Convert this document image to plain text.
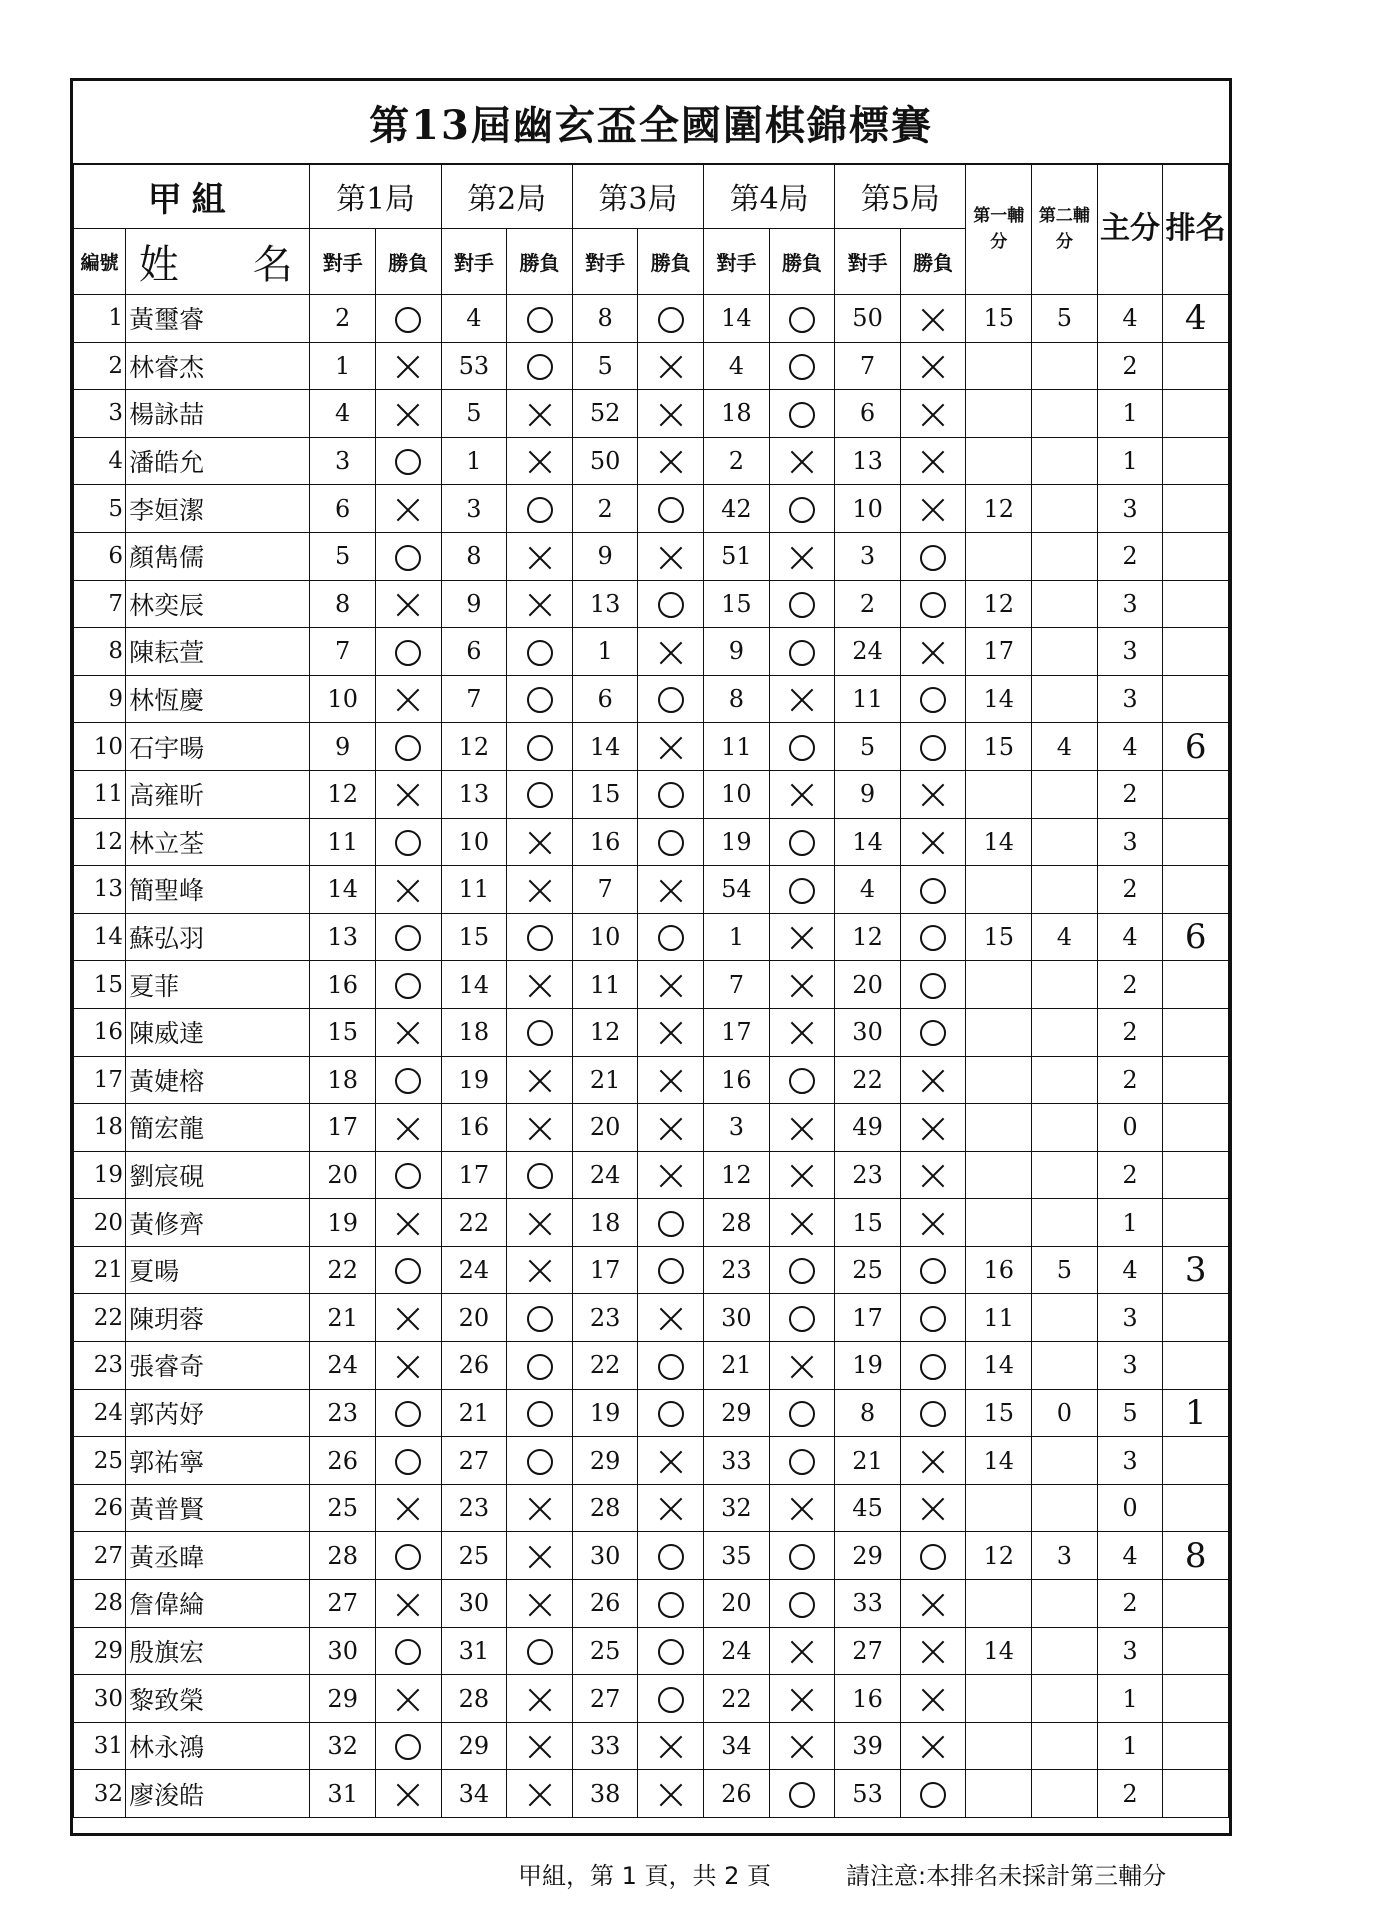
第13屆幽玄盃全國圍棋錦標賽
甲組		第1局		第2局		第3局		第4局		第5局		第一輔分	第二輔分	主分	排名
編號	姓 名	對手	勝負	對手	勝負	對手	勝負	對手	勝負	對手	勝負				
1	黃璽睿	2		4		8		14		50		15	5	4	4
2	林睿杰	1		53		5		4		7				2	
3	楊詠喆	4		5		52		18		6				1	
4	潘皓允	3		1		50		2		13				1	
5	李姮潔	6		3		2		42		10		12		3	
6	顏雋儒	5		8		9		51		3				2	
7	林奕辰	8		9		13		15		2		12		3	
8	陳耘萱	7		6		1		9		24		17		3	
9	林恆慶	10		7		6		8		11		14		3	
10	石宇暘	9		12		14		11		5		15	4	4	6
11	高雍昕	12		13		15		10		9				2	
12	林立荃	11		10		16		19		14		14		3	
13	簡聖峰	14		11		7		54		4				2	
14	蘇弘羽	13		15		10		1		12		15	4	4	6
15	夏菲	16		14		11		7		20				2	
16	陳威達	15		18		12		17		30				2	
17	黃婕榕	18		19		21		16		22				2	
18	簡宏龍	17		16		20		3		49				0	
19	劉宸硯	20		17		24		12		23				2	
20	黃修齊	19		22		18		28		15				1	
21	夏暘	22		24		17		23		25		16	5	4	3
22	陳玥蓉	21		20		23		30		17		11		3	
23	張睿奇	24		26		22		21		19		14		3	
24	郭芮妤	23		21		19		29		8		15	0	5	1
25	郭祐寧	26		27		29		33		21		14		3	
26	黃普賢	25		23		28		32		45				0	
27	黃丞暐	28		25		30		35		29		12	3	4	8
28	詹偉綸	27		30		26		20		33				2	
29	殷旗宏	30		31		25		24		27		14		3	
30	黎致榮	29		28		27		22		16				1	
31	林永鴻	32		29		33		34		39				1	
32	廖浚皓	31		34		38		26		53				2	
甲組，第 1 頁，共 2 頁	請注意:本排名未採計第三輔分
